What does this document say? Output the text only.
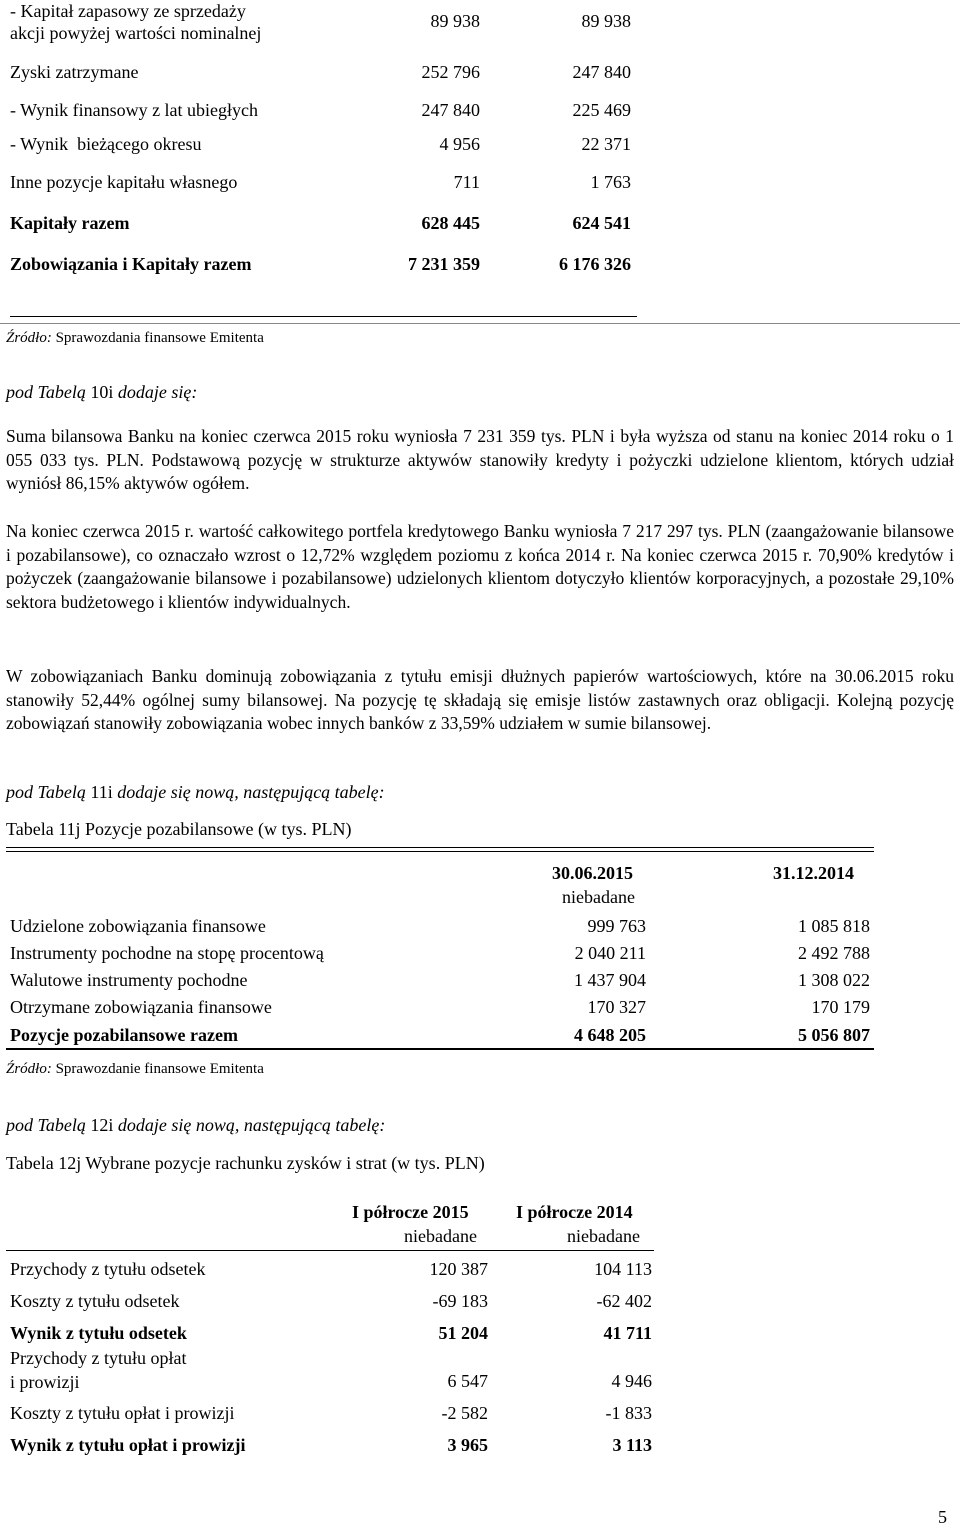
- Kapitał zapasowy ze sprzedaży
akcji powyżej wartości nominalnej
89 938	89 938
Zyski zatrzymane	252 796	247 840
- Wynik finansowy z lat ubiegłych	247 840	225 469
- Wynik  bieżącego okresu	4 956	22 371
Inne pozycje kapitału własnego	711	1 763
Kapitały razem	628 445	624 541
Zobowiązania i Kapitały razem	7 231 359	6 176 326
Źródło: Sprawozdania finansowe Emitenta
pod Tabelą 10i dodaje się:

Suma bilansowa Banku na koniec czerwca 2015 roku wyniosła 7 231 359 tys. PLN i była wyższa od stanu na koniec 2014 roku o 1 055 033 tys. PLN. Podstawową pozycję w strukturze aktywów stanowiły kredyty i pożyczki udzielone klientom, których udział wyniósł 86,15% aktywów ogółem.

Na koniec czerwca 2015 r. wartość całkowitego portfela kredytowego Banku wyniosła 7 217 297 tys. PLN (zaangażowanie bilansowe i pozabilansowe), co oznaczało wzrost o 12,72% względem poziomu z końca 2014 r. Na koniec czerwca 2015 r. 70,90% kredytów i pożyczek (zaangażowanie bilansowe i pozabilansowe) udzielonych klientom dotyczyło klientów korporacyjnych, a pozostałe 29,10% sektora budżetowego i klientów indywidualnych.

W zobowiązaniach Banku dominują zobowiązania z tytułu emisji dłużnych papierów wartościowych, które na 30.06.2015 roku stanowiły 52,44% ogólnej sumy bilansowej. Na pozycję tę składają się emisje listów zastawnych oraz obligacji. Kolejną pozycję zobowiązań stanowiły zobowiązania wobec innych banków z 33,59% udziałem w sumie bilansowej.

pod Tabelą 11i dodaje się nową, następującą tabelę:
Tabela 11j Pozycje pozabilansowe (w tys. PLN)
30.06.2015
niebadane
31.12.2014
Udzielone zobowiązania finansowe	999 763	1 085 818
Instrumenty pochodne na stopę procentową	2 040 211	2 492 788
Walutowe instrumenty pochodne	1 437 904	1 308 022
Otrzymane zobowiązania finansowe	170 327	170 179
Pozycje pozabilansowe razem	4 648 205	5 056 807
Źródło: Sprawozdanie finansowe Emitenta
pod Tabelą 12i dodaje się nową, następującą tabelę:
Tabela 12j Wybrane pozycje rachunku zysków i strat (w tys. PLN)
I półrocze 2015
niebadane
I półrocze 2014
niebadane
Przychody z tytułu odsetek	120 387	104 113
Koszty z tytułu odsetek	-69 183	-62 402
Wynik z tytułu odsetek	51 204	41 711
Przychody z tytułu opłat
i prowizji	6 547	4 946
Koszty z tytułu opłat i prowizji	-2 582	-1 833
Wynik z tytułu opłat i prowizji	3 965	3 113
5
